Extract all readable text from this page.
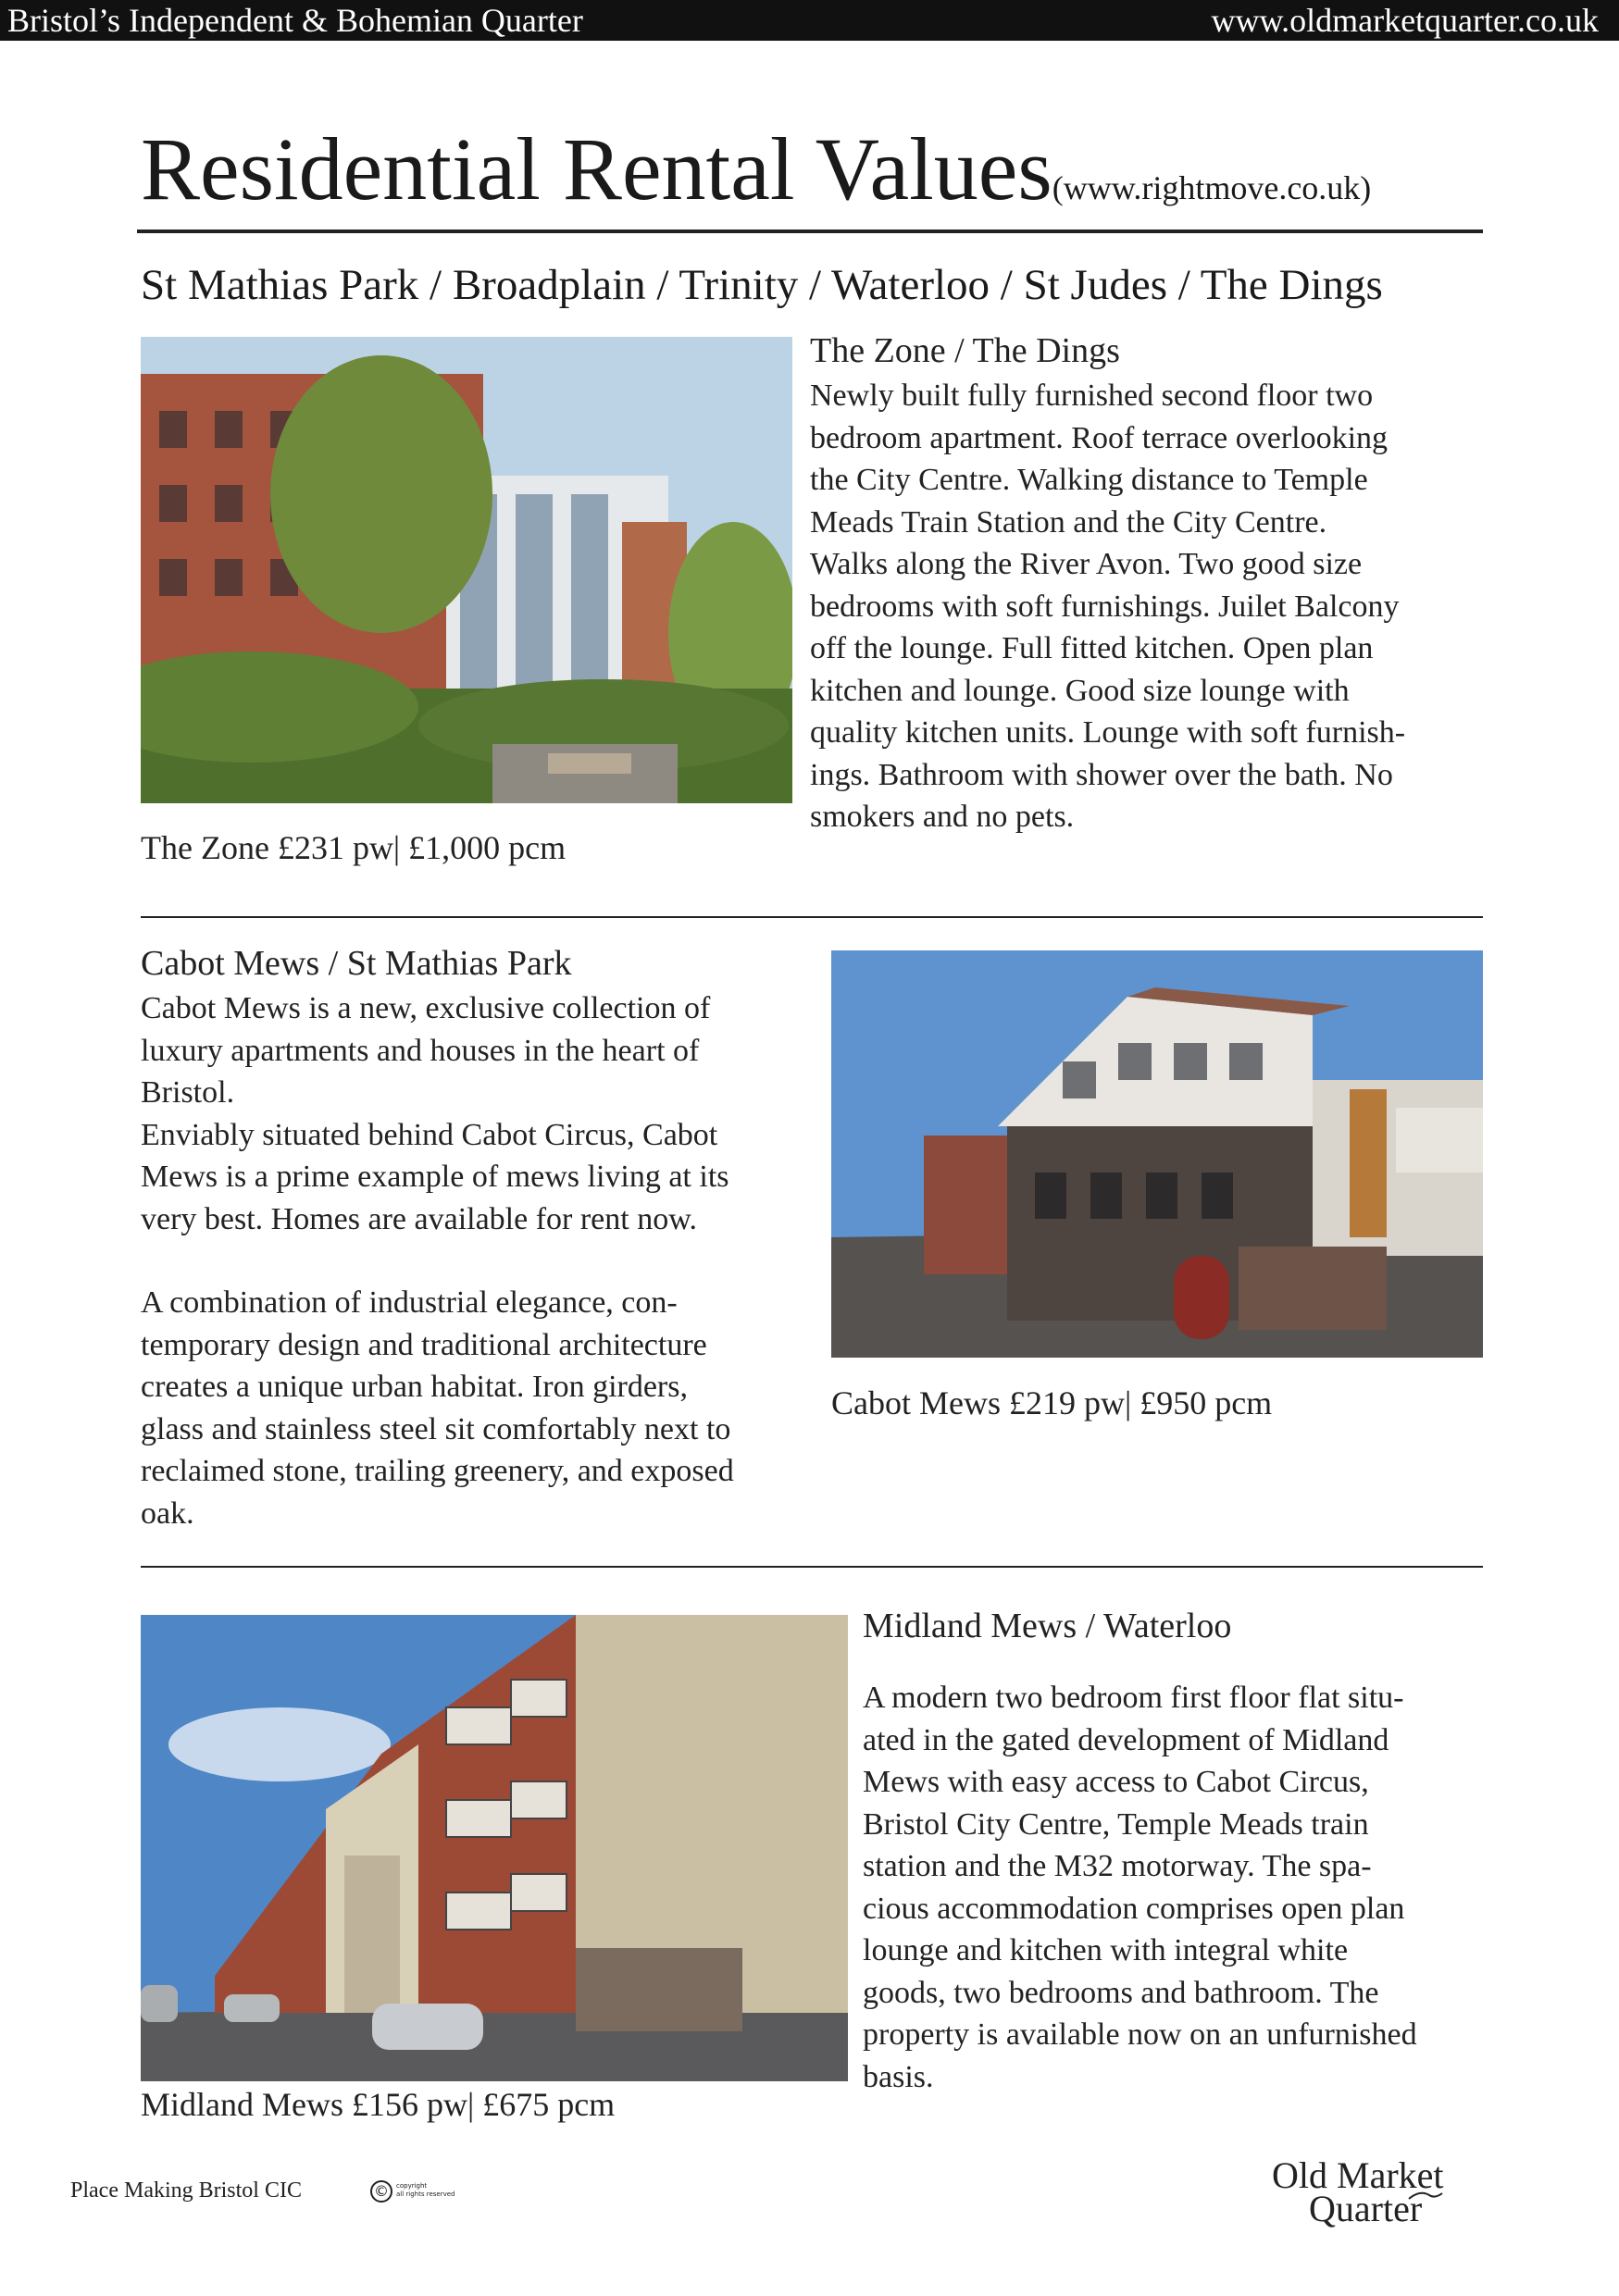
Bristol’s Independent & Bohemian Quarter	www.oldmarketquarter.co.uk
Residential Rental Values(www.rightmove.co.uk)
St Mathias Park / Broadplain / Trinity / Waterloo / St Judes / The Dings
The Zone / The Dings
Newly built fully furnished second floor two
bedroom apartment. Roof terrace overlooking
the City Centre. Walking distance to Temple
Meads Train Station and the City Centre.
Walks along the River Avon. Two good size
bedrooms with soft furnishings. Juilet Balcony
off the lounge. Full fitted kitchen. Open plan
kitchen and lounge. Good size lounge with
quality kitchen units. Lounge with soft furnish-
ings. Bathroom with shower over the bath. No
smokers and no pets.
The Zone £231 pw| £1,000 pcm
Cabot Mews / St Mathias Park
Cabot Mews is a new, exclusive collection of
luxury apartments and houses in the heart of
Bristol.
Enviably situated behind Cabot Circus, Cabot
Mews is a prime example of mews living at its
very best. Homes are available for rent now.
A combination of industrial elegance, con-
temporary design and traditional architecture
creates a unique urban habitat. Iron girders,
glass and stainless steel sit comfortably next to
reclaimed stone, trailing greenery, and exposed
oak.
Cabot Mews £219 pw| £950 pcm
Midland Mews / Waterloo
A modern two bedroom first floor flat situ-
ated in the gated development of Midland
Mews with easy access to Cabot Circus,
Bristol City Centre, Temple Meads train
station and the M32 motorway. The spa-
cious accommodation comprises open plan
lounge and kitchen with integral white
goods, two bedrooms and bathroom. The
property is available now on an unfurnished
basis.
Midland Mews £156 pw| £675 pcm
Place Making Bristol CIC	©	copyright
all rights reserved	Old Market
Quarter
